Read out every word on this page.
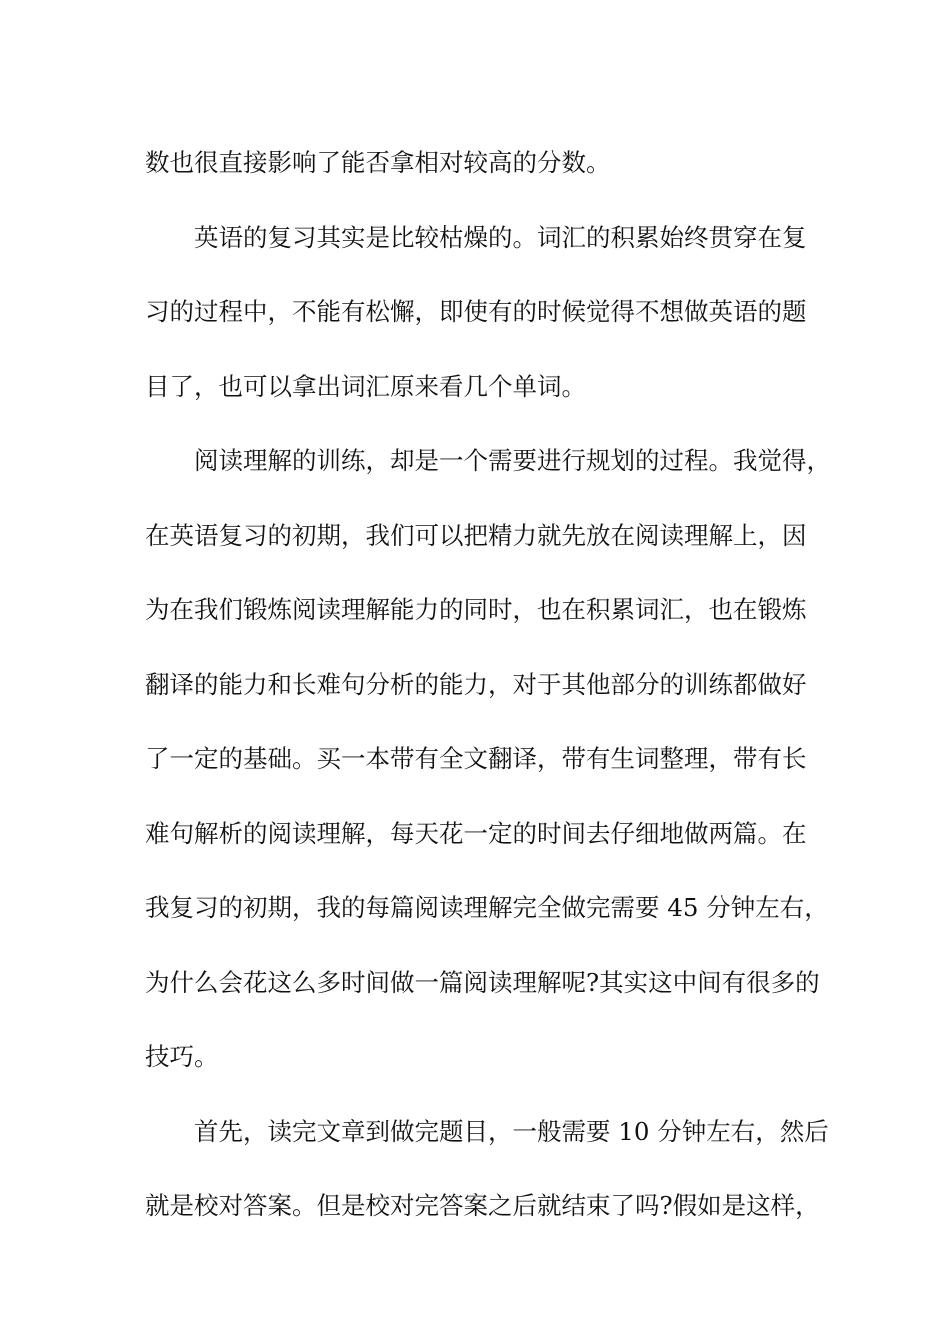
数也很直接影响了能否拿相对较高的分数。
英语的复习其实是比较枯燥的。词汇的积累始终贯穿在复
习的过程中，不能有松懈，即使有的时候觉得不想做英语的题
目了，也可以拿出词汇原来看几个单词。
阅读理解的训练，却是一个需要进行规划的过程。我觉得，
在英语复习的初期，我们可以把精力就先放在阅读理解上，因
为在我们锻炼阅读理解能力的同时，也在积累词汇，也在锻炼
翻译的能力和长难句分析的能力，对于其他部分的训练都做好
了一定的基础。买一本带有全文翻译，带有生词整理，带有长
难句解析的阅读理解，每天花一定的时间去仔细地做两篇。在
我复习的初期，我的每篇阅读理解完全做完需要 45 分钟左右，
为什么会花这么多时间做一篇阅读理解呢?其实这中间有很多的
技巧。
首先，读完文章到做完题目，一般需要 10 分钟左右，然后
就是校对答案。但是校对完答案之后就结束了吗?假如是这样，
